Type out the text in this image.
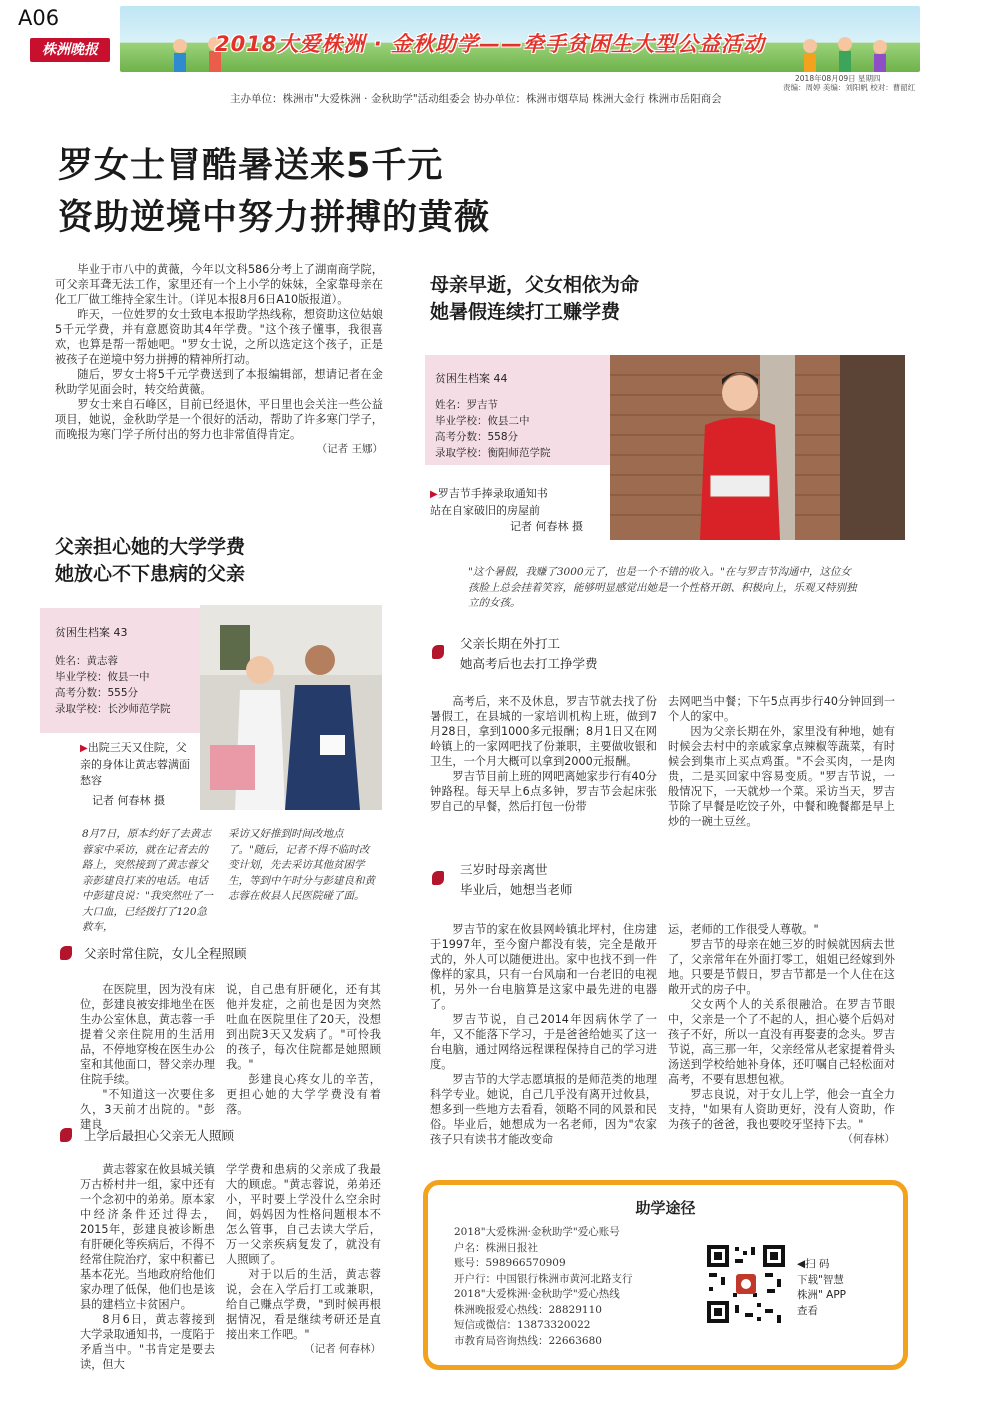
A06
株洲晚报	2018大爱株洲 · 金秋助学——牵手贫困生大型公益活动
2018年08月09日 星期四
责编：周婷 美编：刘阳帆 校对：曹韶红
主办单位：株洲市"大爱株洲 · 金秋助学"活动组委会 协办单位：株洲市烟草局 株洲大金行 株洲市岳阳商会
罗女士冒酷暑送来5千元
资助逆境中努力拼搏的黄薇

毕业于市八中的黄薇，今年以文科586分考上了湖南商学院，可父亲耳聋无法工作，家里还有一个上小学的妹妹，全家靠母亲在化工厂做工维持全家生计。（详见本报8月6日A10版报道）。

昨天，一位姓罗的女士致电本报助学热线称，想资助这位姑娘5千元学费，并有意愿资助其4年学费。"这个孩子懂事，我很喜欢，也算是帮一帮她吧。"罗女士说，之所以选定这个孩子，正是被孩子在逆境中努力拼搏的精神所打动。

随后，罗女士将5千元学费送到了本报编辑部，想请记者在金秋助学见面会时，转交给黄薇。

罗女士来自石峰区，目前已经退休，平日里也会关注一些公益项目，她说，金秋助学是一个很好的活动，帮助了许多寒门学子，而晚报为寒门学子所付出的努力也非常值得肯定。

（记者 王娜）
母亲早逝，父女相依为命
她暑假连续打工赚学费
贫困生档案 44
姓名：罗吉节
毕业学校：攸县二中
高考分数：558分
录取学校：衡阳师范学院
▶罗吉节手捧录取通知书
站在自家破旧的房屋前
记者 何春林 摄
"这个暑假，我赚了3000元了，也是一个不错的收入。"在与罗吉节沟通中，这位女孩脸上总会挂着笑容，能够明显感觉出她是一个性格开朗、积极向上，乐观又特别独立的女孩。
父亲长期在外打工
她高考后也去打工挣学费

高考后，来不及休息，罗吉节就去找了份暑假工，在县城的一家培训机构上班，做到7月28日，拿到1000多元报酬；8月1日又在网岭镇上的一家网吧找了份兼职，主要做收银和卫生，一个月大概可以拿到2000元报酬。

罗吉节目前上班的网吧离她家步行有40分钟路程。每天早上6点多钟，罗吉节会起床张罗自己的早餐，然后打包一份带

去网吧当中餐；下午5点再步行40分钟回到一个人的家中。

因为父亲长期在外，家里没有种地，她有时候会去村中的亲戚家拿点辣椒等蔬菜，有时候会到集市上买点鸡蛋。"不会买肉，一是肉贵，二是买回家中容易变质。"罗吉节说，一般情况下，一天就炒一个菜。采访当天，罗吉节除了早餐是吃饺子外，中餐和晚餐都是早上炒的一碗土豆丝。

三岁时母亲离世
毕业后，她想当老师

罗吉节的家在攸县网岭镇北坪村，住房建于1997年，至今窗户都没有装，完全是敞开式的，外人可以随便进出。家中也找不到一件像样的家具，只有一台风扇和一台老旧的电视机，另外一台电脑算是这家中最先进的电器了。

罗吉节说，自己2014年因病休学了一年，又不能落下学习，于是爸爸给她买了这一台电脑，通过网络远程课程保持自己的学习进度。

罗吉节的大学志愿填报的是师范类的地理科学专业。她说，自己几乎没有离开过攸县，想多到一些地方去看看，领略不同的风景和民俗。毕业后，她想成为一名老师，因为"农家孩子只有读书才能改变命

运，老师的工作很受人尊敬。"

罗吉节的母亲在她三岁的时候就因病去世了，父亲常年在外面打零工，姐姐已经嫁到外地。只要是节假日，罗吉节都是一个人住在这敞开式的房子中。

父女两个人的关系很融洽。在罗吉节眼中，父亲是一个了不起的人，担心婆个后妈对孩子不好，所以一直没有再娶妻的念头。罗吉节说，高三那一年，父亲经常从老家提着骨头汤送到学校给她补身体，还叮嘱自己轻松面对高考，不要有思想包袱。

罗志良说，对于女儿上学，他会一直全力支持，"如果有人资助更好，没有人资助，作为孩子的爸爸，我也要咬牙坚持下去。"

（何春林）
父亲担心她的大学学费
她放心不下患病的父亲
贫困生档案 43
姓名：黄志蓉
毕业学校：攸县一中
高考分数：555分
录取学校：长沙师范学院
▶出院三天又住院，父亲的身体让黄志蓉满面愁容
记者 何春林 摄
8月7日，原本约好了去黄志蓉家中采访，就在记者去的路上，突然接到了黄志蓉父亲彭建良打来的电话。电话中彭建良说："我突然吐了一大口血，已经拨打了120急救车，
采访又好推到时间改地点了。"随后，记者不得不临时改变计划，先去采访其他贫困学生，等到中午时分与彭建良和黄志蓉在攸县人民医院碰了面。
父亲时常住院，女儿全程照顾

在医院里，因为没有床位，彭建良被安排地坐在医生办公室休息，黄志蓉一手提着父亲住院用的生活用品，不停地穿梭在医生办公室和其他面口，替父亲办理住院手续。

"不知道这一次要住多久，3天前才出院的。"彭建良

说，自己患有肝硬化，还有其他并发症，之前也是因为突然吐血在医院里住了20天，没想到出院3天又发病了。"可怜我的孩子，每次住院都是她照顾我。"

彭建良心疼女儿的辛苦，更担心她的大学学费没有着落。

上学后最担心父亲无人照顾

黄志蓉家在攸县城关镇万古桥村井一组，家中还有一个念初中的弟弟。原本家中经济条件还过得去，2015年，彭建良被诊断患有肝硬化等疾病后，不得不经常住院治疗，家中积蓄已基本花光。当地政府给他们家办理了低保，他们也是该县的建档立卡贫困户。

8月6日，黄志蓉接到大学录取通知书，一度陷于矛盾当中。"书肯定是要去读，但大

学学费和患病的父亲成了我最大的顾虑。"黄志蓉说，弟弟还小，平时要上学没什么空余时间，妈妈因为性格问题根本不怎么管事，自己去读大学后，万一父亲疾病复发了，就没有人照顾了。

对于以后的生活，黄志蓉说，会在入学后打工或兼职，给自己赚点学费，"到时候再根据情况，看是继续考研还是直接出来工作吧。"

（记者 何春林）
助学途径
2018"大爱株洲·金秋助学"爱心账号
户名：株洲日报社
账号：598966570909
开户行：中国银行株洲市黄河北路支行
2018"大爱株洲·金秋助学"爱心热线
株洲晚报爱心热线：28829110
短信或微信：13873320022
市教育局咨询热线：22663680
◀扫 码
下载"智慧
株洲" APP
查看
